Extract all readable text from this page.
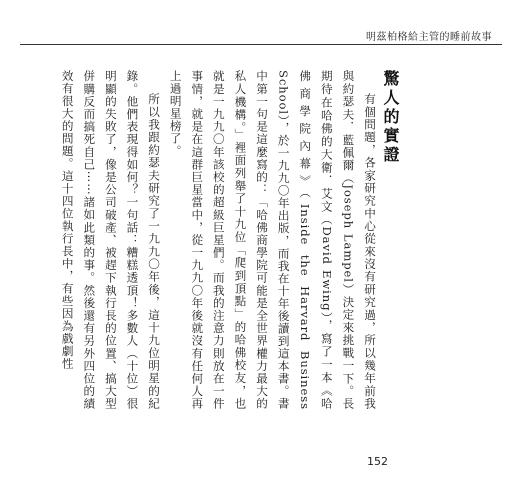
明茲柏格給主管的睡前故事
驚人的實證

有個問題，各家研究中心從來沒有研究過，所以幾年前我與約瑟夫．藍佩爾（Joseph Lampel）決定來挑戰一下。長期待在哈佛的大衛．艾文（David Ewing），寫了一本《哈佛商學院內幕》（Inside the Harvard Business School），於一九九〇年出版，而我在十年後讀到這本書。書中第一句是這麼寫的：「哈佛商學院可能是全世界權力最大的私人機構。」裡面列舉了十九位「爬到頂點」的哈佛校友，也就是一九九〇年該校的超級巨星們。而我的注意力則放在一件事情，就是在這群巨星當中，從一九九〇年後就沒有任何人再上過明星榜了。

所以我跟約瑟夫研究了一九九〇年後，這十九位明星的紀錄。他們表現得如何？一句話：糟糕透頂！多數人（十位）很明顯的失敗了，像是公司破產、被趕下執行長的位置、搞大型併購反而搞死自己⋯⋯諸如此類的事。然後還有另外四位的績效有很大的問題。這十四位執行長中，有些因為戲劇性

152
